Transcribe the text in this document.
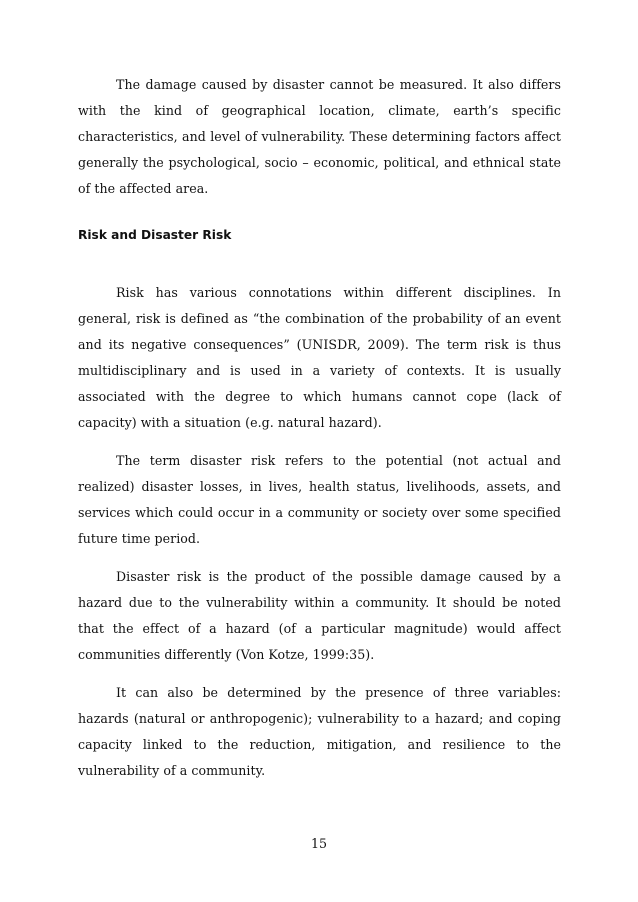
The damage caused by disaster cannot be measured. It also differs with the kind of geographical location, climate, earth’s specific characteristics, and level of vulnerability. These determining factors affect generally the psychological, socio – economic, political, and ethnical state of the affected area.

Risk and Disaster Risk

Risk has various connotations within different disciplines. In general, risk is defined as “the combination of the probability of an event and its negative consequences” (UNISDR, 2009). The term risk is thus multidisciplinary and is used in a variety of contexts. It is usually associated with the degree to which humans cannot cope (lack of capacity) with a situation (e.g. natural hazard).

The term disaster risk refers to the potential (not actual and realized) disaster losses, in lives, health status, livelihoods, assets, and services which could occur in a community or society over some specified future time period.

Disaster risk is the product of the possible damage caused by a hazard due to the vulnerability within a community. It should be noted that the effect of a hazard (of a particular magnitude) would affect communities differently (Von Kotze, 1999:35).

It can also be determined by the presence of three variables: hazards (natural or anthropogenic); vulnerability to a hazard; and coping capacity linked to the reduction, mitigation, and resilience to the vulnerability of a community.

15
